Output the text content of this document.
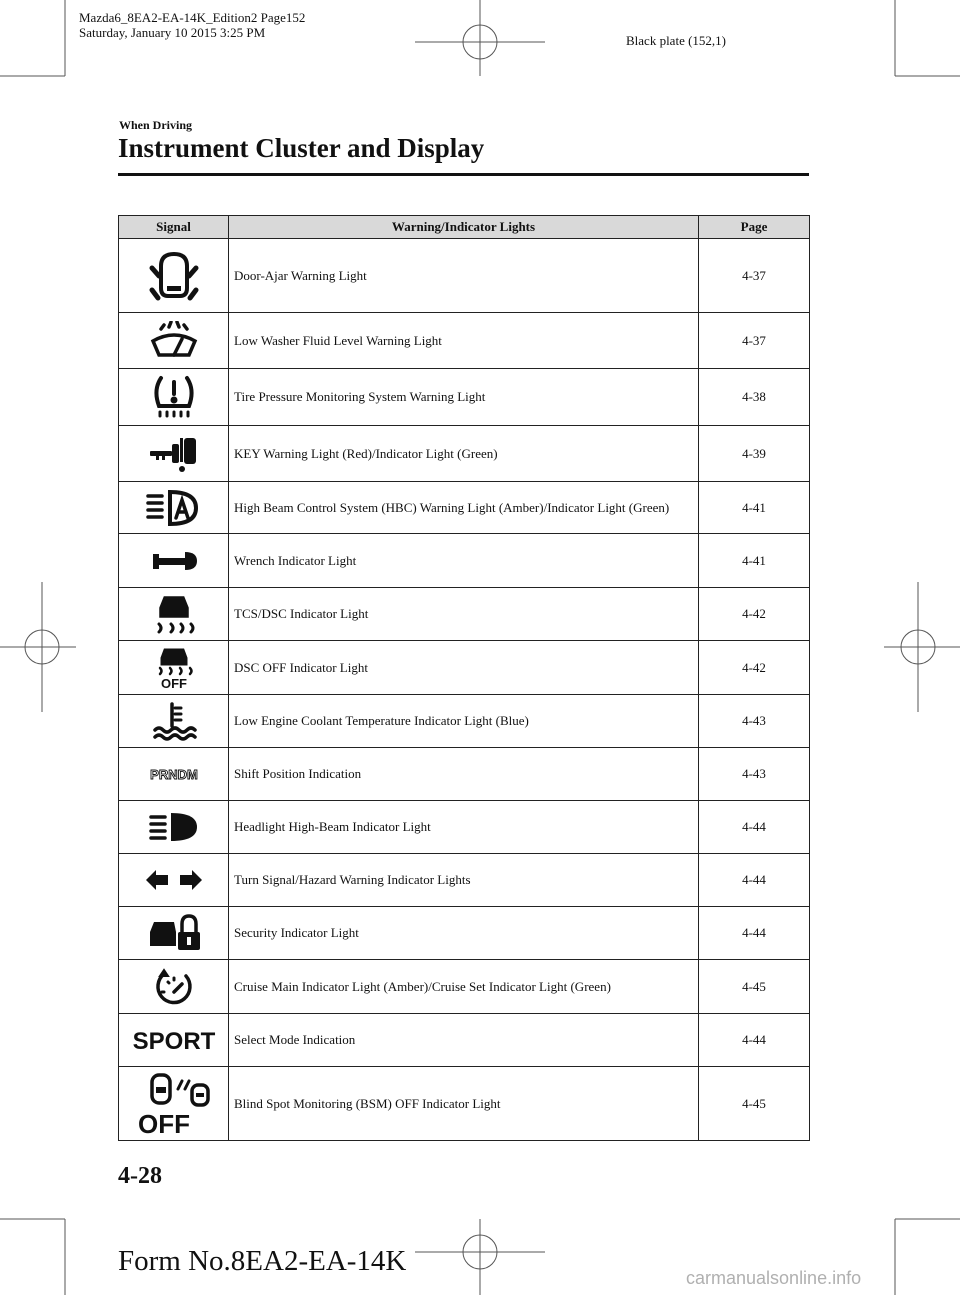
Mazda6_8EA2-EA-14K_Edition2 Page152
Saturday, January 10 2015 3:25 PM
Black plate (152,1)
When Driving
Instrument Cluster and Display
Signal	Warning/Indicator Lights	Page

	Door-Ajar Warning Light	4-37

	Low Washer Fluid Level Warning Light	4-37

	Tire Pressure Monitoring System Warning Light	4-38

	KEY Warning Light (Red)/Indicator Light (Green)	4-39

	High Beam Control System (HBC) Warning Light (Amber)/Indicator Light (Green)	4-41

	Wrench Indicator Light	4-41

	TCS/DSC Indicator Light	4-42

OFF	DSC OFF Indicator Light	4-42

	Low Engine Coolant Temperature Indicator Light (Blue)	4-43

PRNDM	Shift Position Indication	4-43

	Headlight High-Beam Indicator Light	4-44

	Turn Signal/Hazard Warning Indicator Lights	4-44

	Security Indicator Light	4-44

	Cruise Main Indicator Light (Amber)/Cruise Set Indicator Light (Green)	4-45

SPORT	Select Mode Indication	4-44

OFF	Blind Spot Monitoring (BSM) OFF Indicator Light	4-45
4-28
Form No.8EA2-EA-14K
carmanualsonline.info
